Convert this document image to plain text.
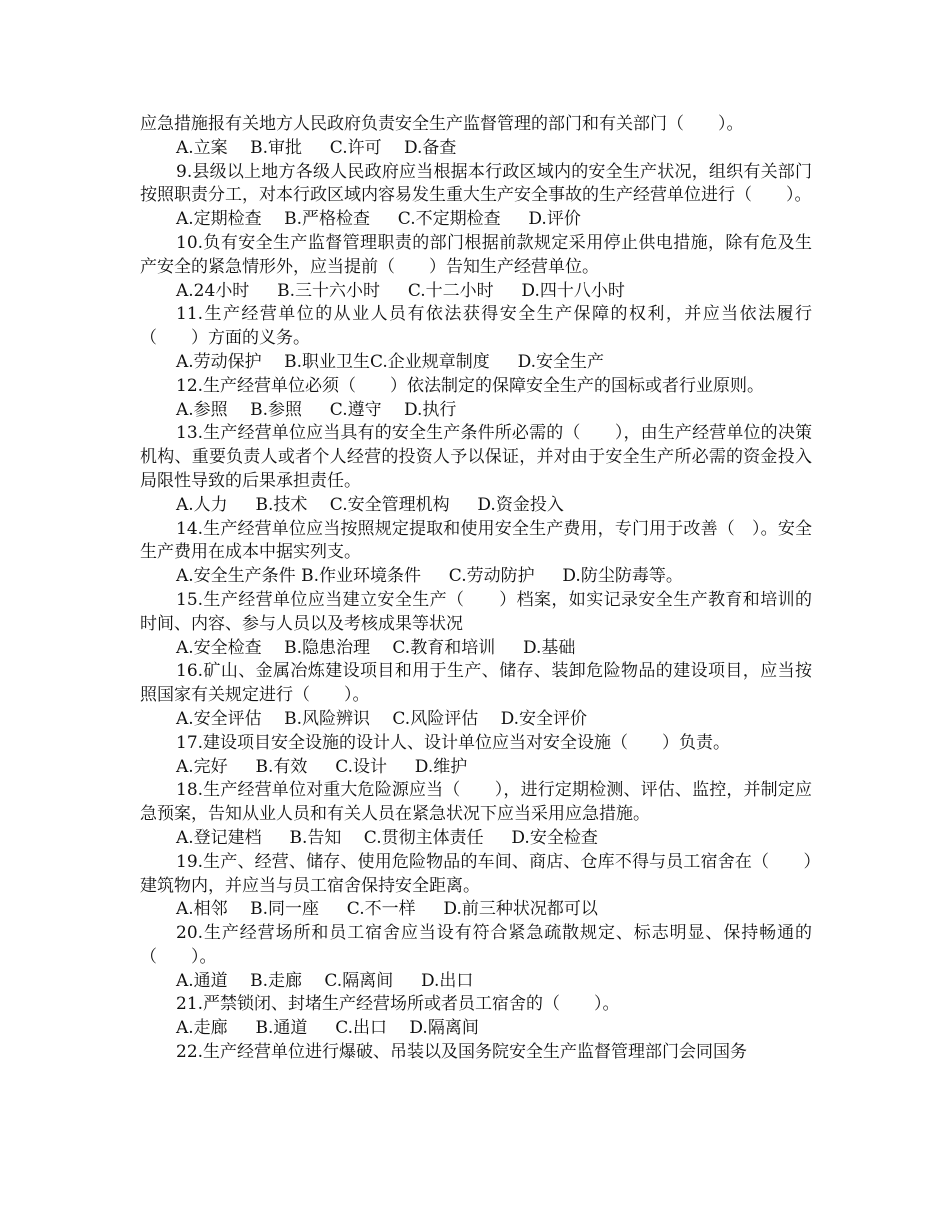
应急措施报有关地方人民政府负责安全生产监督管理的部门和有关部门（　　）。

A.立案　 B.审批　  C.许可　 D.备查

9.县级以上地方各级人民政府应当根据本行政区域内的安全生产状况，组织有关部门按照职责分工，对本行政区域内容易发生重大生产安全事故的生产经营单位进行（　　）。

A.定期检查　 B.严格检查　  C.不定期检查　  D.评价

10.负有安全生产监督管理职责的部门根据前款规定采用停止供电措施，除有危及生产安全的紧急情形外，应当提前（　　）告知生产经营单位。

A.24小时　  B.三十六小时　  C.十二小时　  D.四十八小时

11.生产经营单位的从业人员有依法获得安全生产保障的权利，并应当依法履行（　　）方面的义务。

A.劳动保护　 B.职业卫生C.企业规章制度　  D.安全生产

12.生产经营单位必须（　　）依法制定的保障安全生产的国标或者行业原则。

A.参照　 B.参照　  C.遵守　 D.执行

13.生产经营单位应当具有的安全生产条件所必需的（　　），由生产经营单位的决策机构、重要负责人或者个人经营的投资人予以保证，并对由于安全生产所必需的资金投入局限性导致的后果承担责任。

A.人力　  B.技术　 C.安全管理机构　  D.资金投入

14.生产经营单位应当按照规定提取和使用安全生产费用，专门用于改善（　）。安全生产费用在成本中据实列支。

A.安全生产条件 B.作业环境条件　  C.劳动防护　  D.防尘防毒等。

15.生产经营单位应当建立安全生产（　　）档案，如实记录安全生产教育和培训的时间、内容、参与人员以及考核成果等状况

A.安全检查　 B.隐患治理　 C.教育和培训　  D.基础

16.矿山、金属冶炼建设项目和用于生产、储存、装卸危险物品的建设项目，应当按照国家有关规定进行（　　）。

A.安全评估　 B.风险辨识　 C.风险评估　 D.安全评价

17.建设项目安全设施的设计人、设计单位应当对安全设施（　　）负责。

A.完好　  B.有效　  C.设计　  D.维护

18.生产经营单位对重大危险源应当（　　），进行定期检测、评估、监控，并制定应急预案，告知从业人员和有关人员在紧急状况下应当采用应急措施。

A.登记建档　  B.告知　 C.贯彻主体责任　  D.安全检查

19.生产、经营、储存、使用危险物品的车间、商店、仓库不得与员工宿舍在（　　）建筑物内，并应当与员工宿舍保持安全距离。

A.相邻　 B.同一座　  C.不一样　  D.前三种状况都可以

20.生产经营场所和员工宿舍应当设有符合紧急疏散规定、标志明显、保持畅通的（　　）。

A.通道　 B.走廊　 C.隔离间　  D.出口

21.严禁锁闭、封堵生产经营场所或者员工宿舍的（　　）。

A.走廊　  B.通道　  C.出口　 D.隔离间

22.生产经营单位进行爆破、吊装以及国务院安全生产监督管理部门会同国务
